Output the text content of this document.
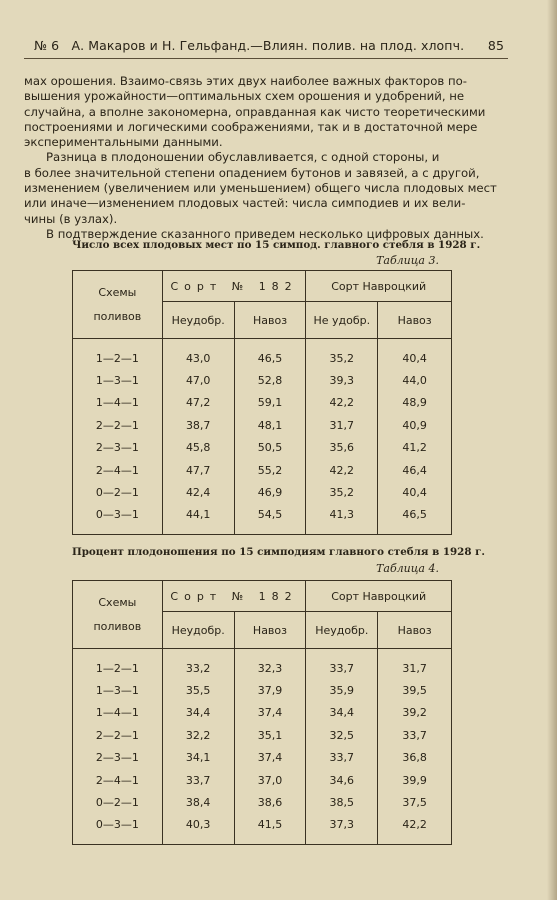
№ 6 А. Макаров и Н. Гельфанд.—Влиян. полив. на плод. хлопч. 85

мах орошения. Взаимо-связь этих двух наиболее важных факторов по-
вышения урожайности—оптимальных схем орошения и удобрений, не
случайна, а вполне закономерна, оправданная как чисто теоретическими
построениями и логическими соображениями, так и в достаточной мере
экспериментальными данными.

Разница в плодоношении обуславливается, с одной стороны, и
в более значительной степени опадением бутонов и завязей, а с другой,
изменением (увеличением или уменьшением) общего числа плодовых мест
или иначе—изменением плодовых частей: числа симподиев и их вели-
чины (в узлах).

В подтверждение сказанного приведем несколько цифровых данных.

Число всех плодовых мест по 15 симпод. главного стебля в 1928 г.
Таблица 3.
Схемы
поливов	Сорт № 182		Сорт Навроцкий	
	Неудобр.	Навоз	Не удобр.	Навоз
1—2—1	43,0	46,5	35,2	40,4
1—3—1	47,0	52,8	39,3	44,0
1—4—1	47,2	59,1	42,2	48,9
2—2—1	38,7	48,1	31,7	40,9
2—3—1	45,8	50,5	35,6	41,2
2—4—1	47,7	55,2	42,2	46,4
0—2—1	42,4	46,9	35,2	40,4
0—3—1	44,1	54,5	41,3	46,5
Процент плодоношения по 15 симподиям главного стебля в 1928 г.
Таблица 4.
Схемы
поливов	Сорт № 182		Сорт Навроцкий	
	Неудобр.	Навоз	Неудобр.	Навоз
1—2—1	33,2	32,3	33,7	31,7
1—3—1	35,5	37,9	35,9	39,5
1—4—1	34,4	37,4	34,4	39,2
2—2—1	32,2	35,1	32,5	33,7
2—3—1	34,1	37,4	33,7	36,8
2—4—1	33,7	37,0	34,6	39,9
0—2—1	38,4	38,6	38,5	37,5
0—3—1	40,3	41,5	37,3	42,2
